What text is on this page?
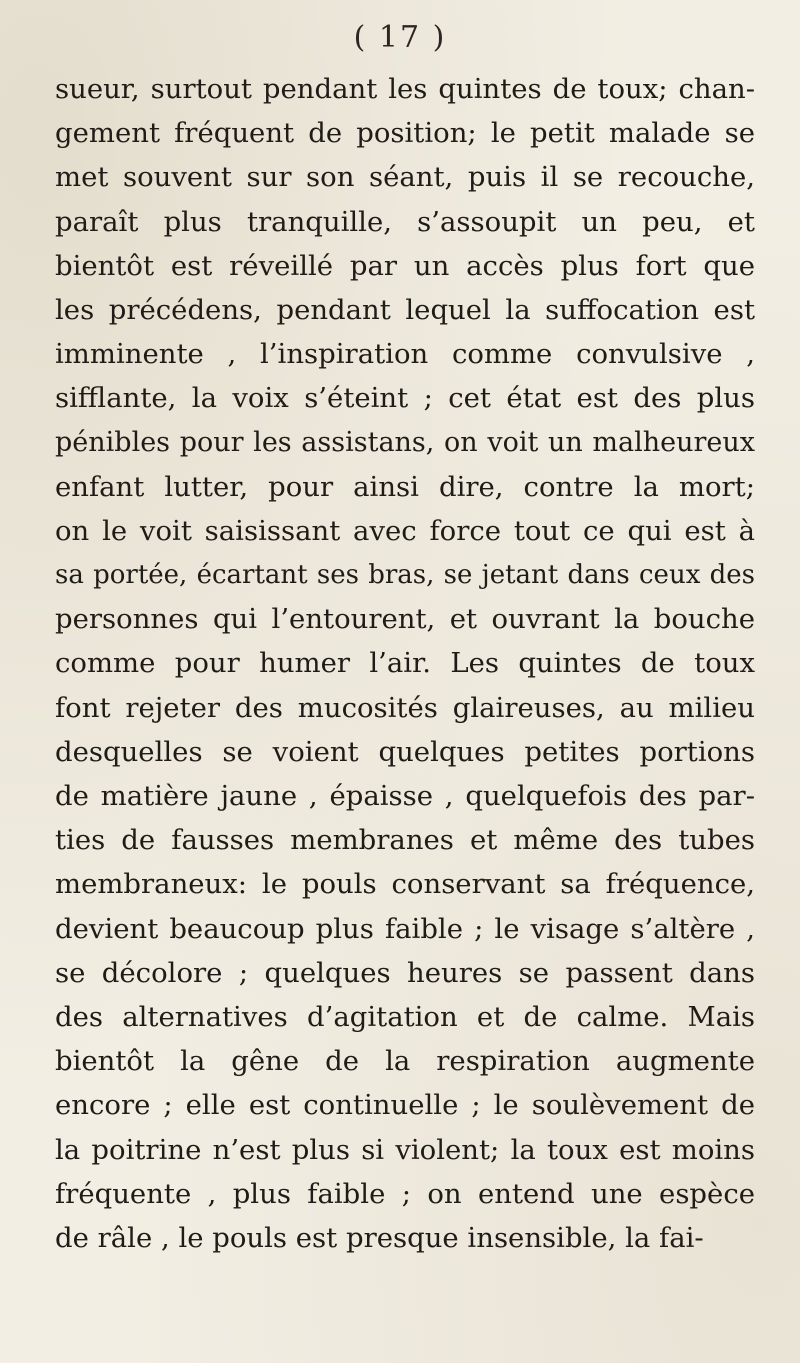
( 17 )
sueur, surtout pendant les quintes de toux; chan-
gement fréquent de position; le petit malade se
met souvent sur son séant, puis il se recouche,
paraît plus tranquille, s’assoupit un peu, et
bientôt est réveillé par un accès plus fort que
les précédens, pendant lequel la suffocation est
imminente , l’inspiration comme convulsive ,
sifflante, la voix s’éteint ; cet état est des plus
pénibles pour les assistans, on voit un malheureux
enfant lutter, pour ainsi dire, contre la mort;
on le voit saisissant avec force tout ce qui est à
sa portée, écartant ses bras, se jetant dans ceux des
personnes qui l’entourent, et ouvrant la bouche
comme pour humer l’air. Les quintes de toux
font rejeter des mucosités glaireuses, au milieu
desquelles se voient quelques petites portions
de matière jaune , épaisse , quelquefois des par-
ties de fausses membranes et même des tubes
membraneux: le pouls conservant sa fréquence,
devient beaucoup plus faible ; le visage s’altère ,
se décolore ; quelques heures se passent dans
des alternatives d’agitation et de calme. Mais
bientôt la gêne de la respiration augmente
encore ; elle est continuelle ; le soulèvement de
la poitrine n’est plus si violent; la toux est moins
fréquente , plus faible ; on entend une espèce
de râle , le pouls est presque insensible, la fai-
